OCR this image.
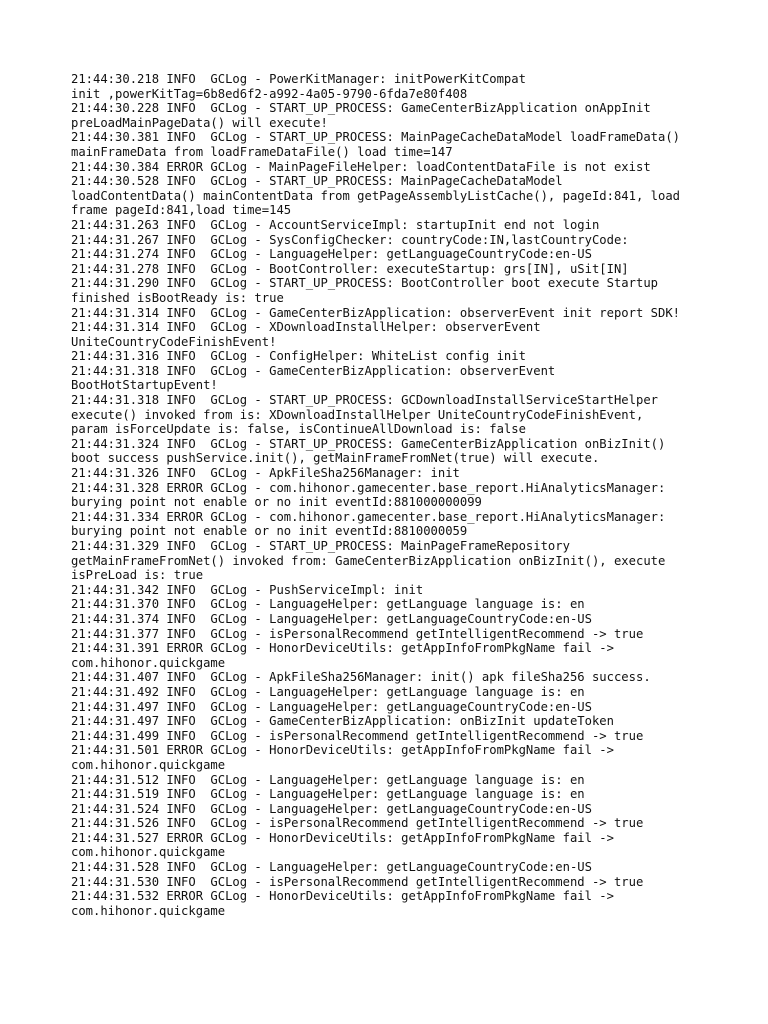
21:44:30.218 INFO  GCLog - PowerKitManager: initPowerKitCompat
init ,powerKitTag=6b8ed6f2-a992-4a05-9790-6fda7e80f408
21:44:30.228 INFO  GCLog - START_UP_PROCESS: GameCenterBizApplication onAppInit
preLoadMainPageData() will execute!
21:44:30.381 INFO  GCLog - START_UP_PROCESS: MainPageCacheDataModel loadFrameData()
mainFrameData from loadFrameDataFile() load time=147
21:44:30.384 ERROR GCLog - MainPageFileHelper: loadContentDataFile is not exist
21:44:30.528 INFO  GCLog - START_UP_PROCESS: MainPageCacheDataModel
loadContentData() mainContentData from getPageAssemblyListCache(), pageId:841, load
frame pageId:841,load time=145
21:44:31.263 INFO  GCLog - AccountServiceImpl: startupInit end not login
21:44:31.267 INFO  GCLog - SysConfigChecker: countryCode:IN,lastCountryCode:
21:44:31.274 INFO  GCLog - LanguageHelper: getLanguageCountryCode:en-US
21:44:31.278 INFO  GCLog - BootController: executeStartup: grs[IN], uSit[IN]
21:44:31.290 INFO  GCLog - START_UP_PROCESS: BootController boot execute Startup
finished isBootReady is: true
21:44:31.314 INFO  GCLog - GameCenterBizApplication: observerEvent init report SDK!
21:44:31.314 INFO  GCLog - XDownloadInstallHelper: observerEvent
UniteCountryCodeFinishEvent!
21:44:31.316 INFO  GCLog - ConfigHelper: WhiteList config init
21:44:31.318 INFO  GCLog - GameCenterBizApplication: observerEvent
BootHotStartupEvent!
21:44:31.318 INFO  GCLog - START_UP_PROCESS: GCDownloadInstallServiceStartHelper
execute() invoked from is: XDownloadInstallHelper UniteCountryCodeFinishEvent,
param isForceUpdate is: false, isContinueAllDownload is: false
21:44:31.324 INFO  GCLog - START_UP_PROCESS: GameCenterBizApplication onBizInit()
boot success pushService.init(), getMainFrameFromNet(true) will execute.
21:44:31.326 INFO  GCLog - ApkFileSha256Manager: init
21:44:31.328 ERROR GCLog - com.hihonor.gamecenter.base_report.HiAnalyticsManager:
burying point not enable or no init eventId:881000000099
21:44:31.334 ERROR GCLog - com.hihonor.gamecenter.base_report.HiAnalyticsManager:
burying point not enable or no init eventId:8810000059
21:44:31.329 INFO  GCLog - START_UP_PROCESS: MainPageFrameRepository
getMainFrameFromNet() invoked from: GameCenterBizApplication onBizInit(), execute
isPreLoad is: true
21:44:31.342 INFO  GCLog - PushServiceImpl: init
21:44:31.370 INFO  GCLog - LanguageHelper: getLanguage language is: en
21:44:31.374 INFO  GCLog - LanguageHelper: getLanguageCountryCode:en-US
21:44:31.377 INFO  GCLog - isPersonalRecommend getIntelligentRecommend -> true
21:44:31.391 ERROR GCLog - HonorDeviceUtils: getAppInfoFromPkgName fail ->
com.hihonor.quickgame
21:44:31.407 INFO  GCLog - ApkFileSha256Manager: init() apk fileSha256 success.
21:44:31.492 INFO  GCLog - LanguageHelper: getLanguage language is: en
21:44:31.497 INFO  GCLog - LanguageHelper: getLanguageCountryCode:en-US
21:44:31.497 INFO  GCLog - GameCenterBizApplication: onBizInit updateToken
21:44:31.499 INFO  GCLog - isPersonalRecommend getIntelligentRecommend -> true
21:44:31.501 ERROR GCLog - HonorDeviceUtils: getAppInfoFromPkgName fail ->
com.hihonor.quickgame
21:44:31.512 INFO  GCLog - LanguageHelper: getLanguage language is: en
21:44:31.519 INFO  GCLog - LanguageHelper: getLanguage language is: en
21:44:31.524 INFO  GCLog - LanguageHelper: getLanguageCountryCode:en-US
21:44:31.526 INFO  GCLog - isPersonalRecommend getIntelligentRecommend -> true
21:44:31.527 ERROR GCLog - HonorDeviceUtils: getAppInfoFromPkgName fail ->
com.hihonor.quickgame
21:44:31.528 INFO  GCLog - LanguageHelper: getLanguageCountryCode:en-US
21:44:31.530 INFO  GCLog - isPersonalRecommend getIntelligentRecommend -> true
21:44:31.532 ERROR GCLog - HonorDeviceUtils: getAppInfoFromPkgName fail ->
com.hihonor.quickgame
